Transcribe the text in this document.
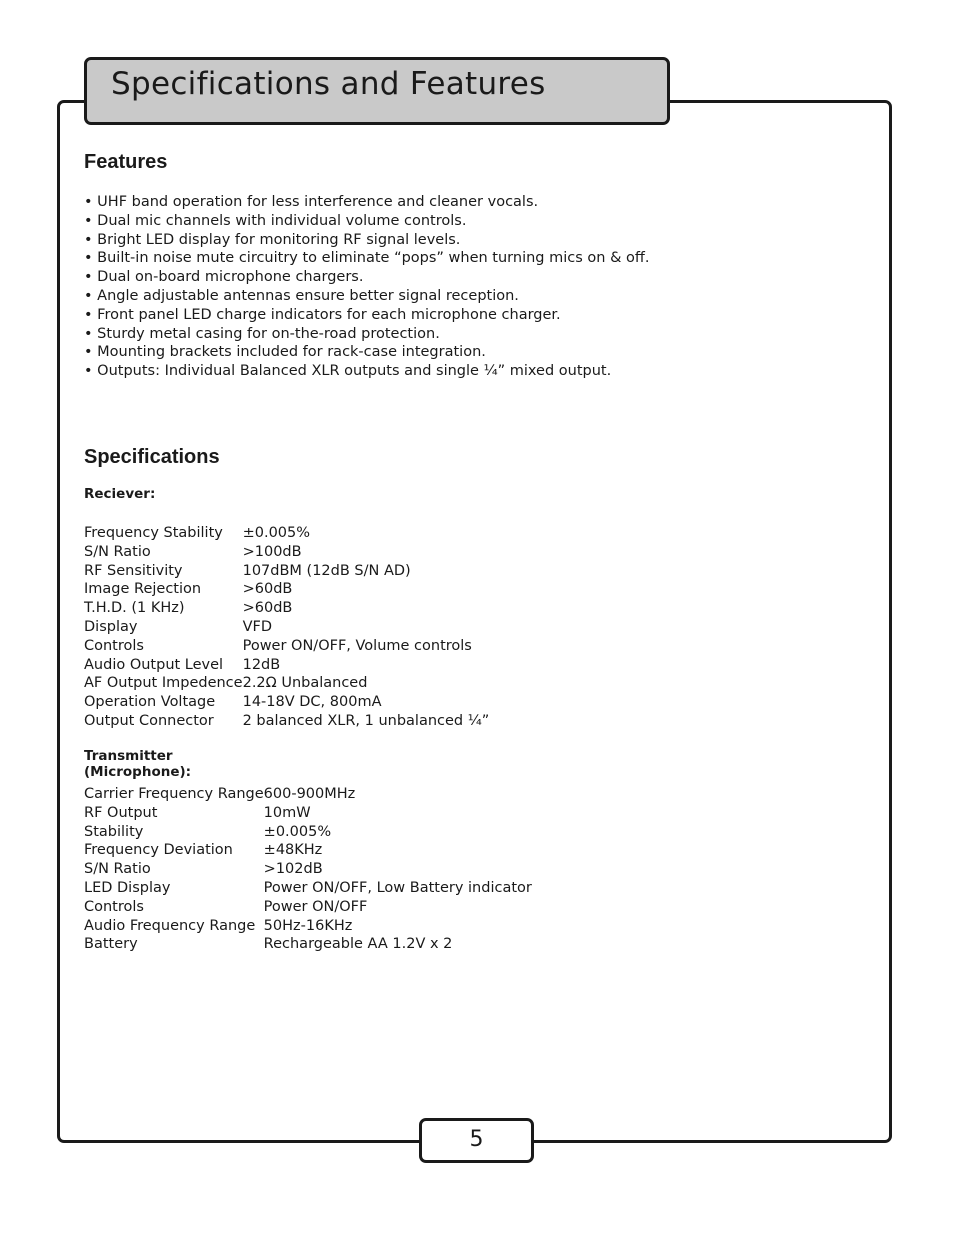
Specifications and Features
Features
• UHF band operation for less interference and cleaner vocals.
• Dual mic channels with individual volume controls.
• Bright LED display for monitoring RF signal levels.
• Built-in noise mute circuitry to eliminate “pops” when turning mics on & off.
• Dual on-board microphone chargers.
• Angle adjustable antennas ensure better signal reception.
• Front panel LED charge indicators for each microphone charger.
• Sturdy metal casing for on-the-road protection.
• Mounting brackets included for rack-case integration.
• Outputs: Individual Balanced XLR outputs and single ¼” mixed output.
Specifications
Reciever:
Frequency Stability	±0.005%
S/N Ratio	>100dB
RF Sensitivity	107dBM (12dB S/N AD)
Image Rejection	>60dB
T.H.D. (1 KHz)	>60dB
Display	VFD
Controls	Power ON/OFF, Volume controls
Audio Output Level	12dB
AF Output Impedence	2.2Ω Unbalanced
Operation Voltage	14-18V DC, 800mA
Output Connector	2 balanced XLR, 1 unbalanced ¼”
Transmitter (Microphone):
Carrier Frequency Range	600-900MHz
RF Output	10mW
Stability	±0.005%
Frequency Deviation	±48KHz
S/N Ratio	>102dB
LED Display	Power ON/OFF, Low Battery indicator
Controls	Power ON/OFF
Audio Frequency Range	50Hz-16KHz
Battery	Rechargeable AA 1.2V x 2
5
